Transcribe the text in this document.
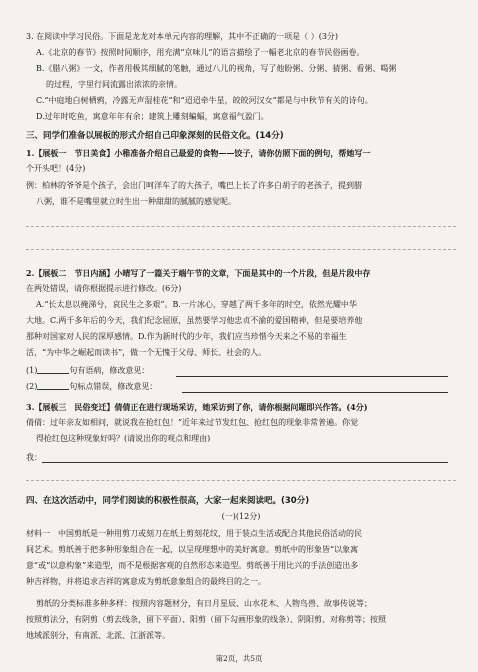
3. 在阅读中学习民俗。下面是龙龙对本单元内容的理解，其中不正确的一项是（ ）(3分)
A.《北京的春节》按照时间顺序，用充满“京味儿”的语言描绘了一幅老北京的春节民俗画卷。
B.《腊八粥》一文，作者用极其细腻的笔触，通过八儿的视角，写了他盼粥、分粥、猜粥、看粥、喝粥
的过程，字里行间流露出浓浓的亲情。
C.“中庭地白树栖鸦，冷露无声湿桂花”和“迢迢牵牛星，皎皎河汉女”都是与中秋节有关的诗句。
D.过年时吃鱼，寓意年年有余；建筑上雕刻蝙蝠，寓意福气盈门。
三、同学们准备以展板的形式介绍自己印象深刻的民俗文化。(14分)
1.【展板一　节日美食】小稚准备介绍自己最爱的食物——饺子，请你仿照下面的例句，帮她写一
个开头吧！(4分)
例：柏林的爷爷是个孩子，会出门呵洋车了的大孩子，嘴巴上长了许多白胡子的老孩子，提到腊
八粥，谁不是嘴里就立时生出一种甜甜的腻腻的感觉呢。
2.【展板二　节日内涵】小晴写了一篇关于端午节的文章，下面是其中的一个片段，但是片段中存
在两处错误，请你根据提示进行修改。(6分)
A.“长太息以掩涕兮，哀民生之多艰”。B.一片冰心，穿越了两千多年的时空，依然光耀中华
大地。C.两千多年后的今天，我们纪念屈原，虽然要学习他忠贞不渝的爱国精神，但是要培养他
那种对国家对人民的深厚感情。D.作为新时代的少年，我们应当珍惜今天来之不易的幸福生
活，“为中华之崛起而读书”，做一个无愧于父母、师长、社会的人。
(1)	句有语病，修改意见：
(2)	句标点错误，修改意见：
3.【展板三　民俗变迁】倩倩正在进行现场采访，她采访到了你，请你根据问题即兴作答。(4分)
倩倩：过年亲友如相问，就说我在抢红包！”近年来过节发红包、抢红包的现象非常普遍。你觉
得抢红包这种现象好吗？(请说出你的观点和理由)
我：
四、在这次活动中，同学们阅读的积极性很高，大家一起来阅读吧。(30分)
(一)(12分)
材料一　中国剪纸是一种用剪刀或刻刀在纸上剪刻花纹，用于装点生活或配合其他民俗活动的民
间艺术。剪纸善于把多种形象组合在一起，以呈现理想中的美好寓意。剪纸中的形象皆“以象寓
意”或“以意构象”来造型，而不是根据客观的自然形态来造型。剪纸善于用比兴的手法创造出多
种吉祥物，并将追求吉祥的寓意成为剪纸意象组合的最终目的之一。
剪纸的分类标准多种多样：按照内容题材分，有日月星辰、山水花木、人物鸟兽、故事传说等；
按照剪法分，有阴剪（剪去线条，留下平面）、阳剪（留下勾画形象的线条）、阴阳剪、对称剪等；按照
地域派别分，有南派、北派、江浙派等。
第2页，共5页
